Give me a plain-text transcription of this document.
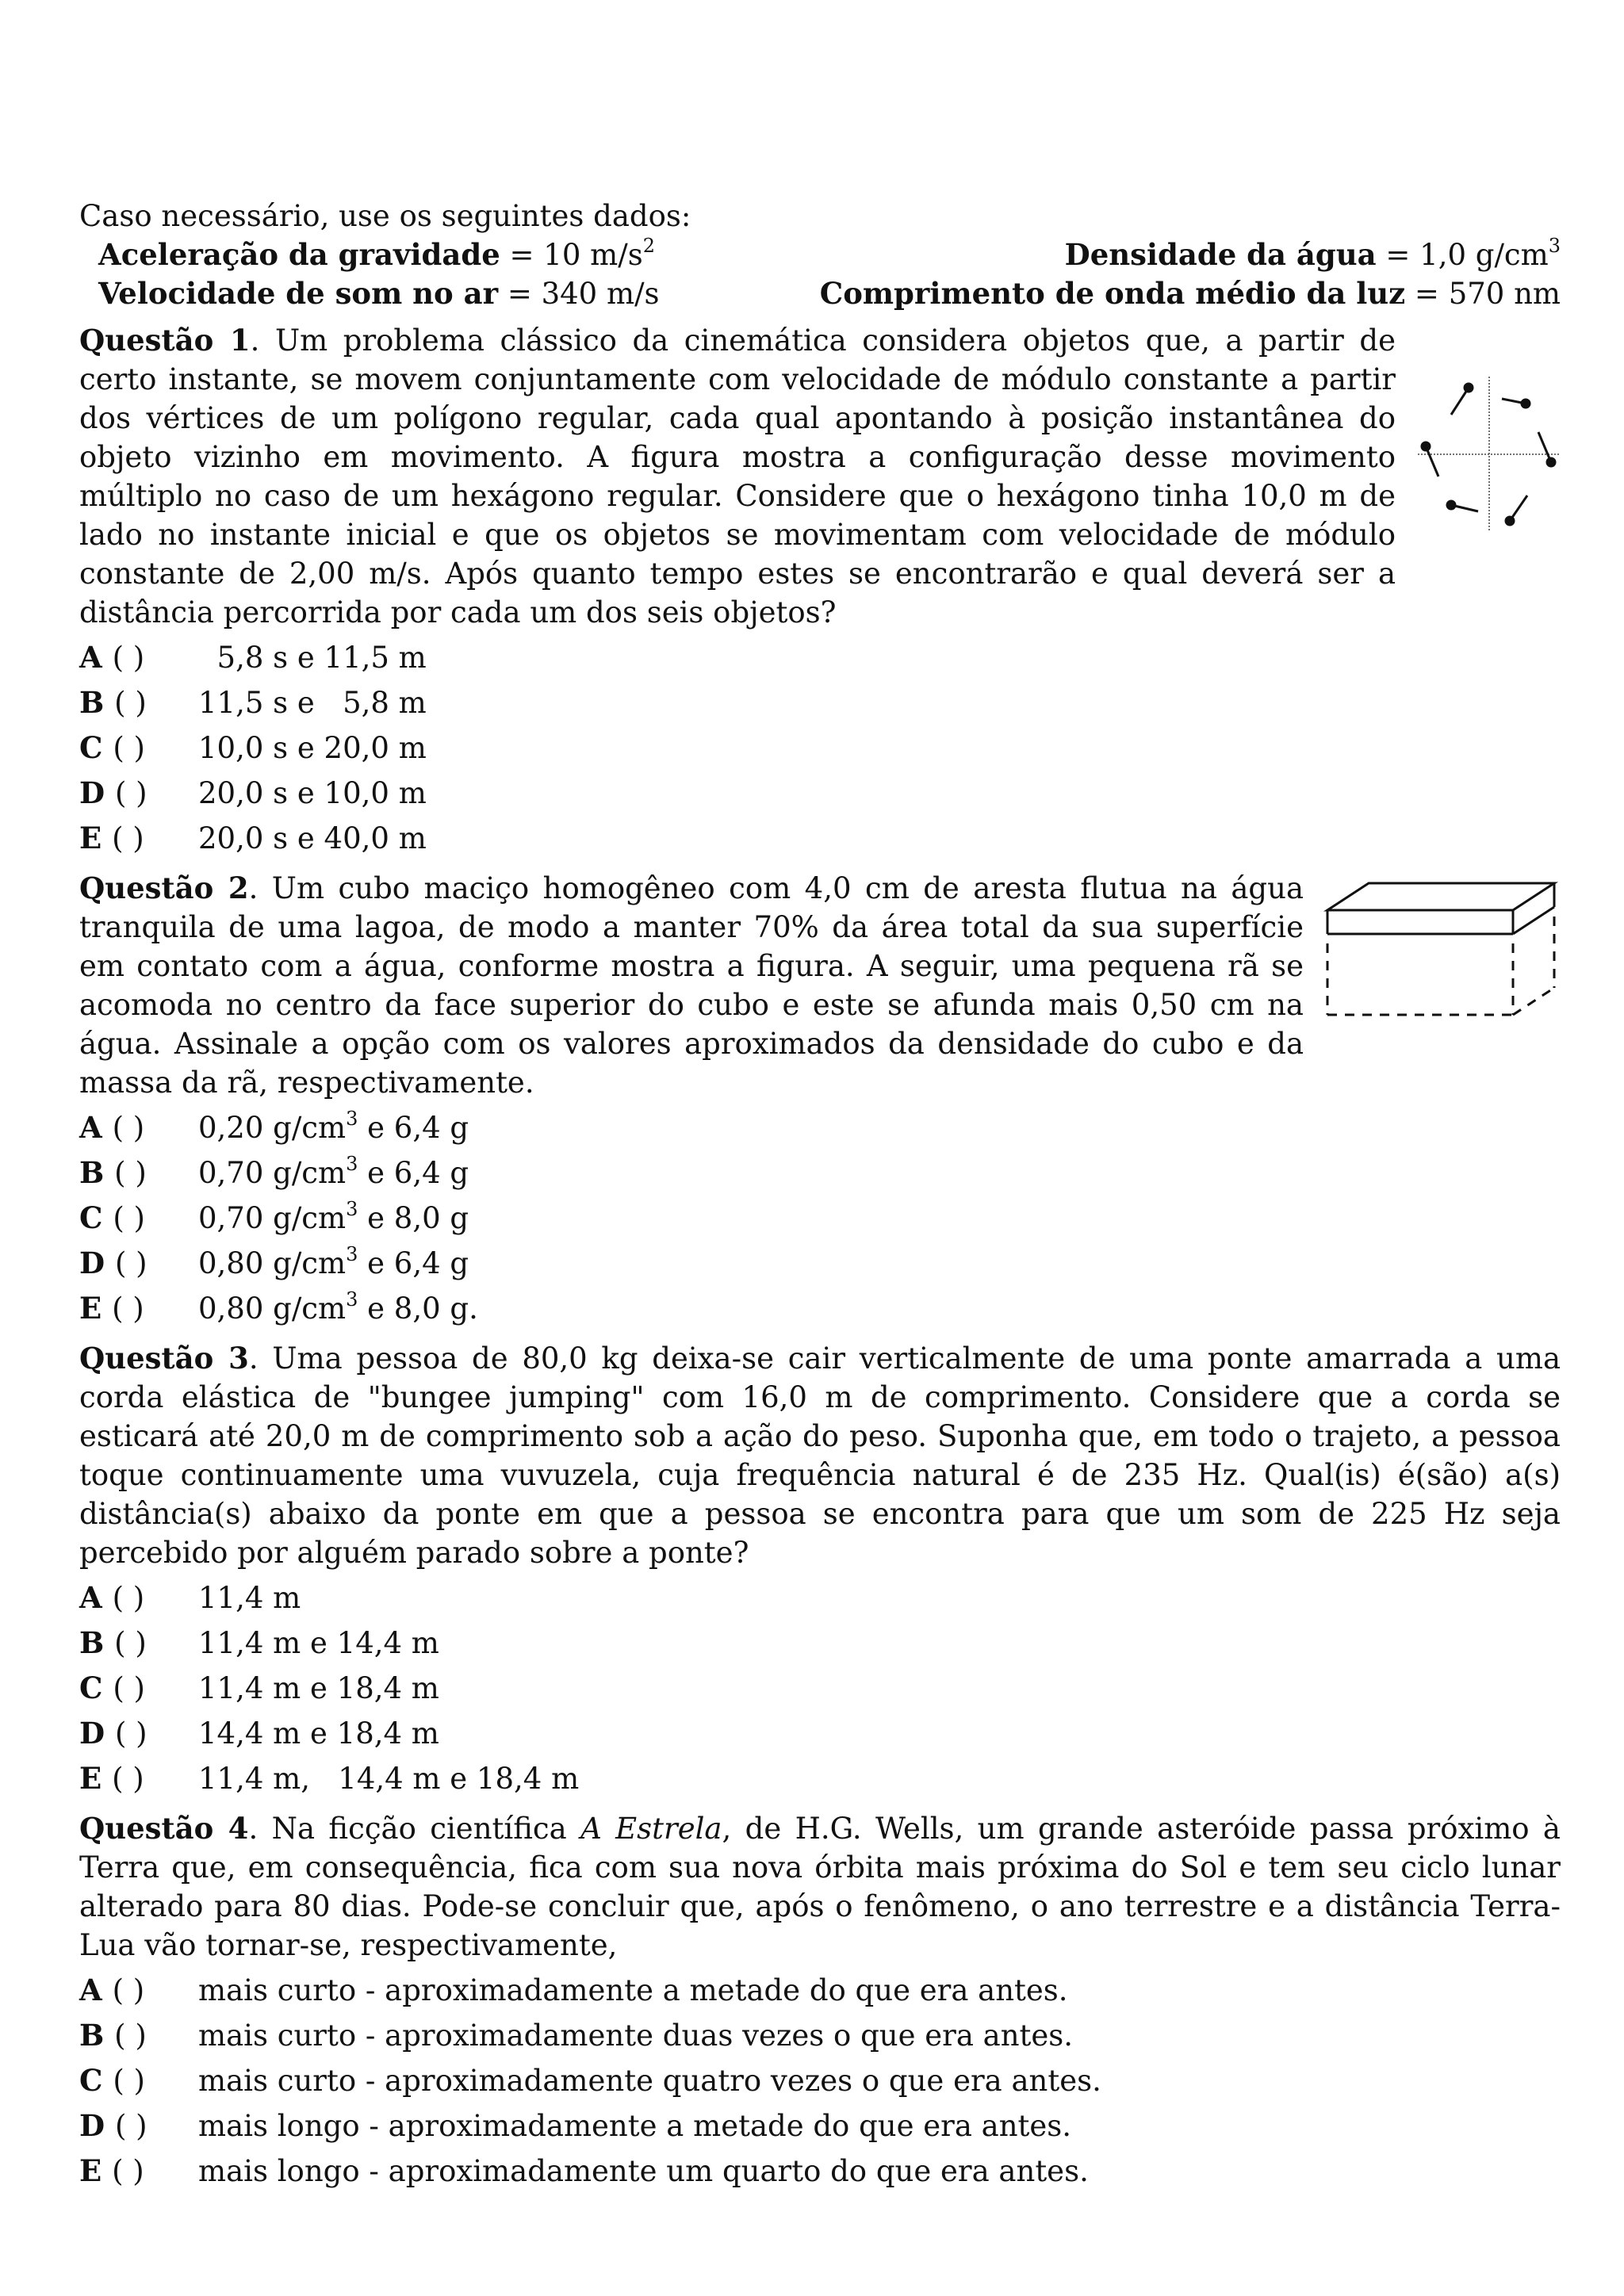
Caso necessário, use os seguintes dados:
Aceleração da gravidade = 10 $m/s^2$	Densidade da água = 1,0 $g/cm^3$
Velocidade de som no ar = 340 m/s	Comprimento de onda médio da luz = 570 nm
Questão 1. Um problema clássico da cinemática considera objetos que, a partir de certo instante, se movem conjuntamente com velocidade de módulo constante a partir dos vértices de um polígono regular, cada qual apontando à posição instantânea do objeto vizinho em movimento. A figura mostra a configuração desse movimento múltiplo no caso de um hexágono regular. Considere que o hexágono tinha 10,0 m de lado no instante inicial e que os objetos se movimentam com velocidade de módulo constante de 2,00 m/s. Após quanto tempo estes se encontrarão e qual deverá ser a distância percorrida por cada um dos seis objetos?
A ( )	5,8 s e 11,5 m
B ( )	11,5 s e   5,8 m
C ( )	10,0 s e 20,0 m
D ( )	20,0 s e 10,0 m
E ( )	20,0 s e 40,0 m
Questão 2. Um cubo maciço homogêneo com 4,0 cm de aresta flutua na água tranquila de uma lagoa, de modo a manter 70% da área total da sua superfície em contato com a água, conforme mostra a figura. A seguir, uma pequena rã se acomoda no centro da face superior do cubo e este se afunda mais 0,50 cm na água. Assinale a opção com os valores aproximados da densidade do cubo e da massa da rã, respectivamente.
A ( )	0,20 $g/cm^3$ e 6,4 g
B ( )	0,70 $g/cm^3$ e 6,4 g
C ( )	0,70 $g/cm^3$ e 8,0 g
D ( )	0,80 $g/cm^3$ e 6,4 g
E ( )	0,80 $g/cm^3$ e 8,0 g.
Questão 3. Uma pessoa de 80,0 kg deixa-se cair verticalmente de uma ponte amarrada a uma corda elástica de "bungee jumping" com 16,0 m de comprimento. Considere que a corda se esticará até 20,0 m de comprimento sob a ação do peso. Suponha que, em todo o trajeto, a pessoa toque continuamente uma vuvuzela, cuja frequência natural é de 235 Hz. Qual(is) é(são) a(s) distância(s) abaixo da ponte em que a pessoa se encontra para que um som de 225 Hz seja percebido por alguém parado sobre a ponte?
A ( )	11,4 m
B ( )	11,4 m e 14,4 m
C ( )	11,4 m e 18,4 m
D ( )	14,4 m e 18,4 m
E ( )	11,4 m,   14,4 m e 18,4 m
Questão 4. Na ficção científica A Estrela, de H.G. Wells, um grande asteróide passa próximo à Terra que, em consequência, fica com sua nova órbita mais próxima do Sol e tem seu ciclo lunar alterado para 80 dias. Pode-se concluir que, após o fenômeno, o ano terrestre e a distância Terra-Lua vão tornar-se, respectivamente,
A ( )	mais curto - aproximadamente a metade do que era antes.
B ( )	mais curto - aproximadamente duas vezes o que era antes.
C ( )	mais curto - aproximadamente quatro vezes o que era antes.
D ( )	mais longo - aproximadamente a metade do que era antes.
E ( )	mais longo - aproximadamente um quarto do que era antes.
